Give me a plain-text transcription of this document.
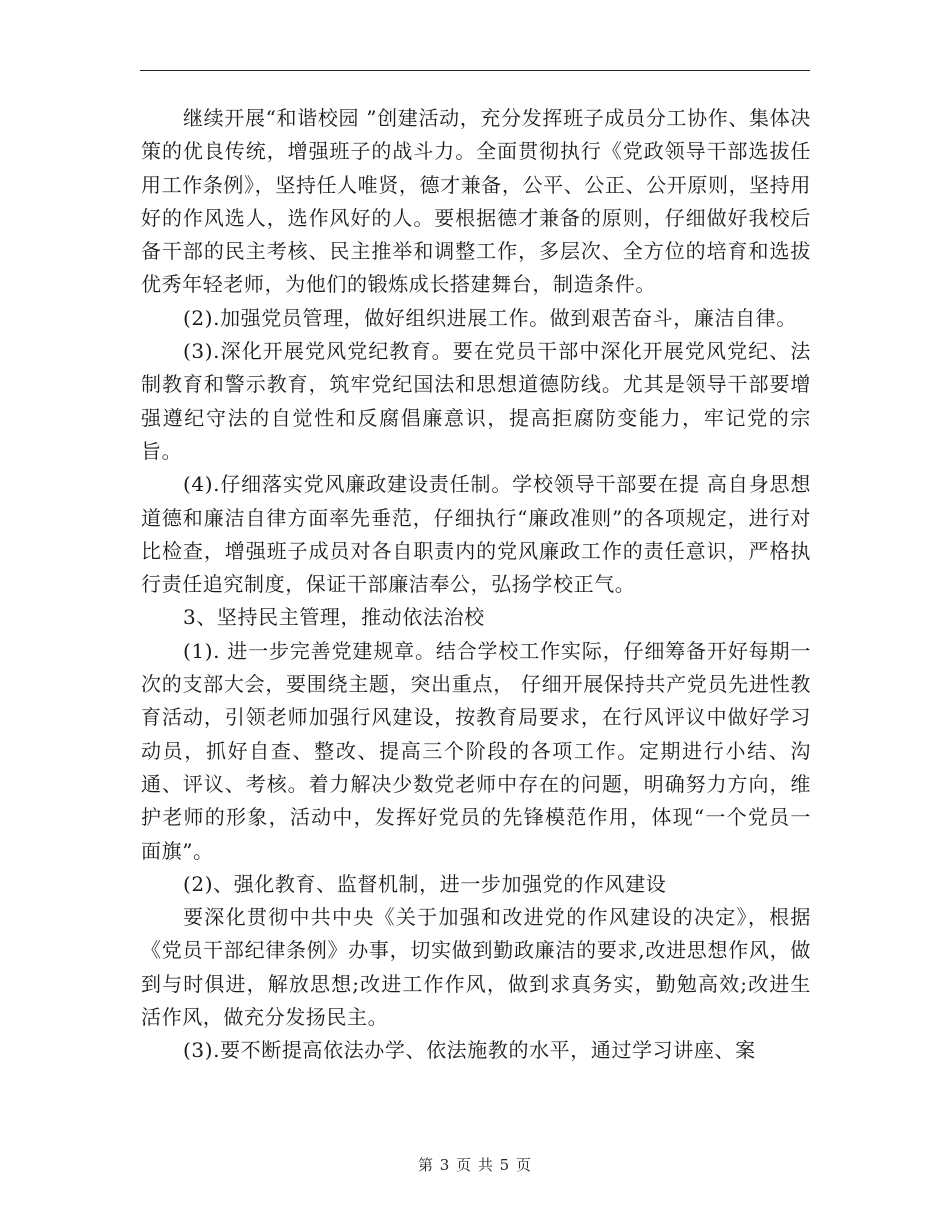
继续开展“和谐校园 ”创建活动，充分发挥班子成员分工协作、集体决策的优良传统，增强班子的战斗力。全面贯彻执行《党政领导干部选拔任用工作条例》，坚持任人唯贤，德才兼备，公平、公正、公开原则，坚持用好的作风选人，选作风好的人。要根据德才兼备的原则，仔细做好我校后备干部的民主考核、民主推举和调整工作，多层次、全方位的培育和选拔优秀年轻老师，为他们的锻炼成长搭建舞台，制造条件。

(2).加强党员管理，做好组织进展工作。做到艰苦奋斗，廉洁自律。

(3).深化开展党风党纪教育。要在党员干部中深化开展党风党纪、法制教育和警示教育，筑牢党纪国法和思想道德防线。尤其是领导干部要增强遵纪守法的自觉性和反腐倡廉意识，提高拒腐防变能力，牢记党的宗旨。

(4).仔细落实党风廉政建设责任制。学校领导干部要在提 高自身思想道德和廉洁自律方面率先垂范，仔细执行“廉政准则”的各项规定，进行对比检查，增强班子成员对各自职责内的党风廉政工作的责任意识，严格执行责任追究制度，保证干部廉洁奉公，弘扬学校正气。

3、坚持民主管理，推动依法治校

(1). 进一步完善党建规章。结合学校工作实际，仔细筹备开好每期一次的支部大会，要围绕主题，突出重点， 仔细开展保持共产党员先进性教育活动，引领老师加强行风建设，按教育局要求，在行风评议中做好学习动员，抓好自查、整改、提高三个阶段的各项工作。定期进行小结、沟通、评议、考核。着力解决少数党老师中存在的问题，明确努力方向，维护老师的形象，活动中，发挥好党员的先锋模范作用，体现“一个党员一面旗”。

(2)、强化教育、监督机制，进一步加强党的作风建设

要深化贯彻中共中央《关于加强和改进党的作风建设的决定》，根据《党员干部纪律条例》办事，切实做到勤政廉洁的要求,改进思想作风，做到与时俱进，解放思想;改进工作作风，做到求真务实，勤勉高效;改进生活作风，做充分发扬民主。

(3).要不断提高依法办学、依法施教的水平，通过学习讲座、案

第 3 页 共 5 页
